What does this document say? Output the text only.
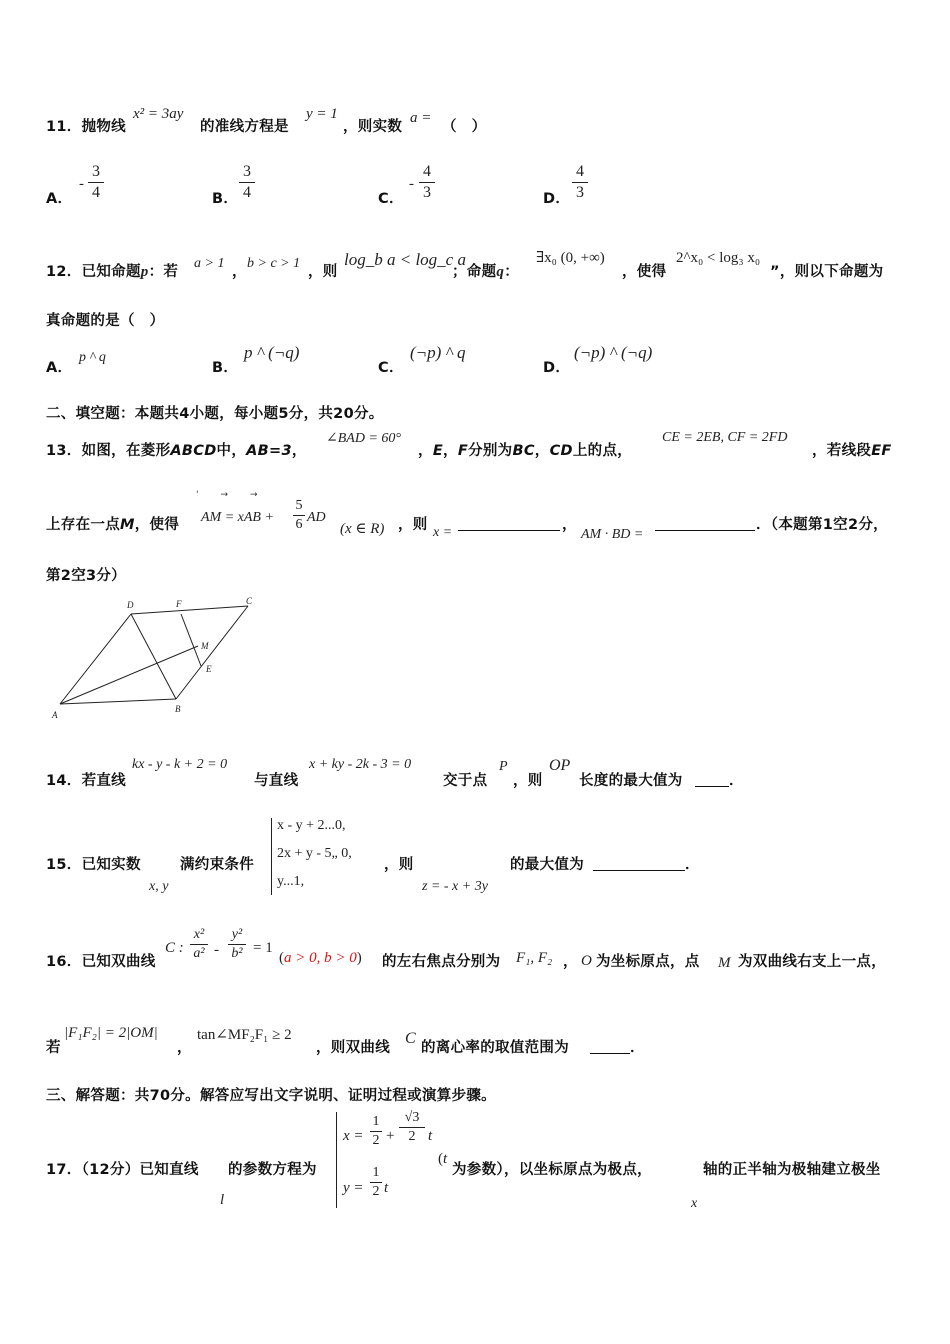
11．抛物线
x² = 3ay
的准线方程是
y = 1
，则实数
a =
（　）
A．
-
3
4	B．
3
4	C．
-
4
3	D．
4
3
12．已知命题p：若
a > 1
，
b > c > 1
，则
log_b a < log_c a
；命题q：
∃x₀ (0, +∞)
，使得
2^x₀ < log₃ x₀
”，则以下命题为
真命题的是（　）
A．
p ^ q
B．
p ^ (¬q)
C．
(¬p) ^ q
D．
(¬p) ^ (¬q)
二、填空题：本题共4小题，每小题5分，共20分。
13．如图，在菱形ABCD中，AB=3，
∠BAD = 60°
，E，F分别为BC，CD上的点，
CE = 2EB, CF = 2FD
，若线段EF
上存在一点M，使得
'→→
AM = xAB +
5
6 AD
(x ∈ R) ，则 x =	，
AM · BD =
．（本题第1空2分，
第2空3分）
A
B
C
D
E
F
M
14．若直线
kx - y - k + 2 = 0
与直线
x + ky - 2k - 3 = 0
交于点
P
，则
OP
长度的最大值为	．
15．已知实数
x, y
满约束条件
x - y + 2...0,
2x + y - 5„ 0,
y...1,
，则
z = - x + 3y
的最大值为	．
16．已知双曲线
C :
x²
a² -
y²
b² = 1
(a > 0, b > 0) 的左右焦点分别为 F₁, F₂ ， O 为坐标原点，点 M 为双曲线右支上一点，
若
|F₁F₂| = 2|OM|
，
tan∠MF₂F₁ ≥ 2
，则双曲线
C
的离心率的取值范围为	．
三、解答题：共70分。解答应写出文字说明、证明过程或演算步骤。
17．（12分）已知直线
l
的参数方程为
x =
1
2 +
√3
2 t
y =
1
2 t
(t
为参数），以坐标原点为极点，
x
轴的正半轴为极轴建立极坐
